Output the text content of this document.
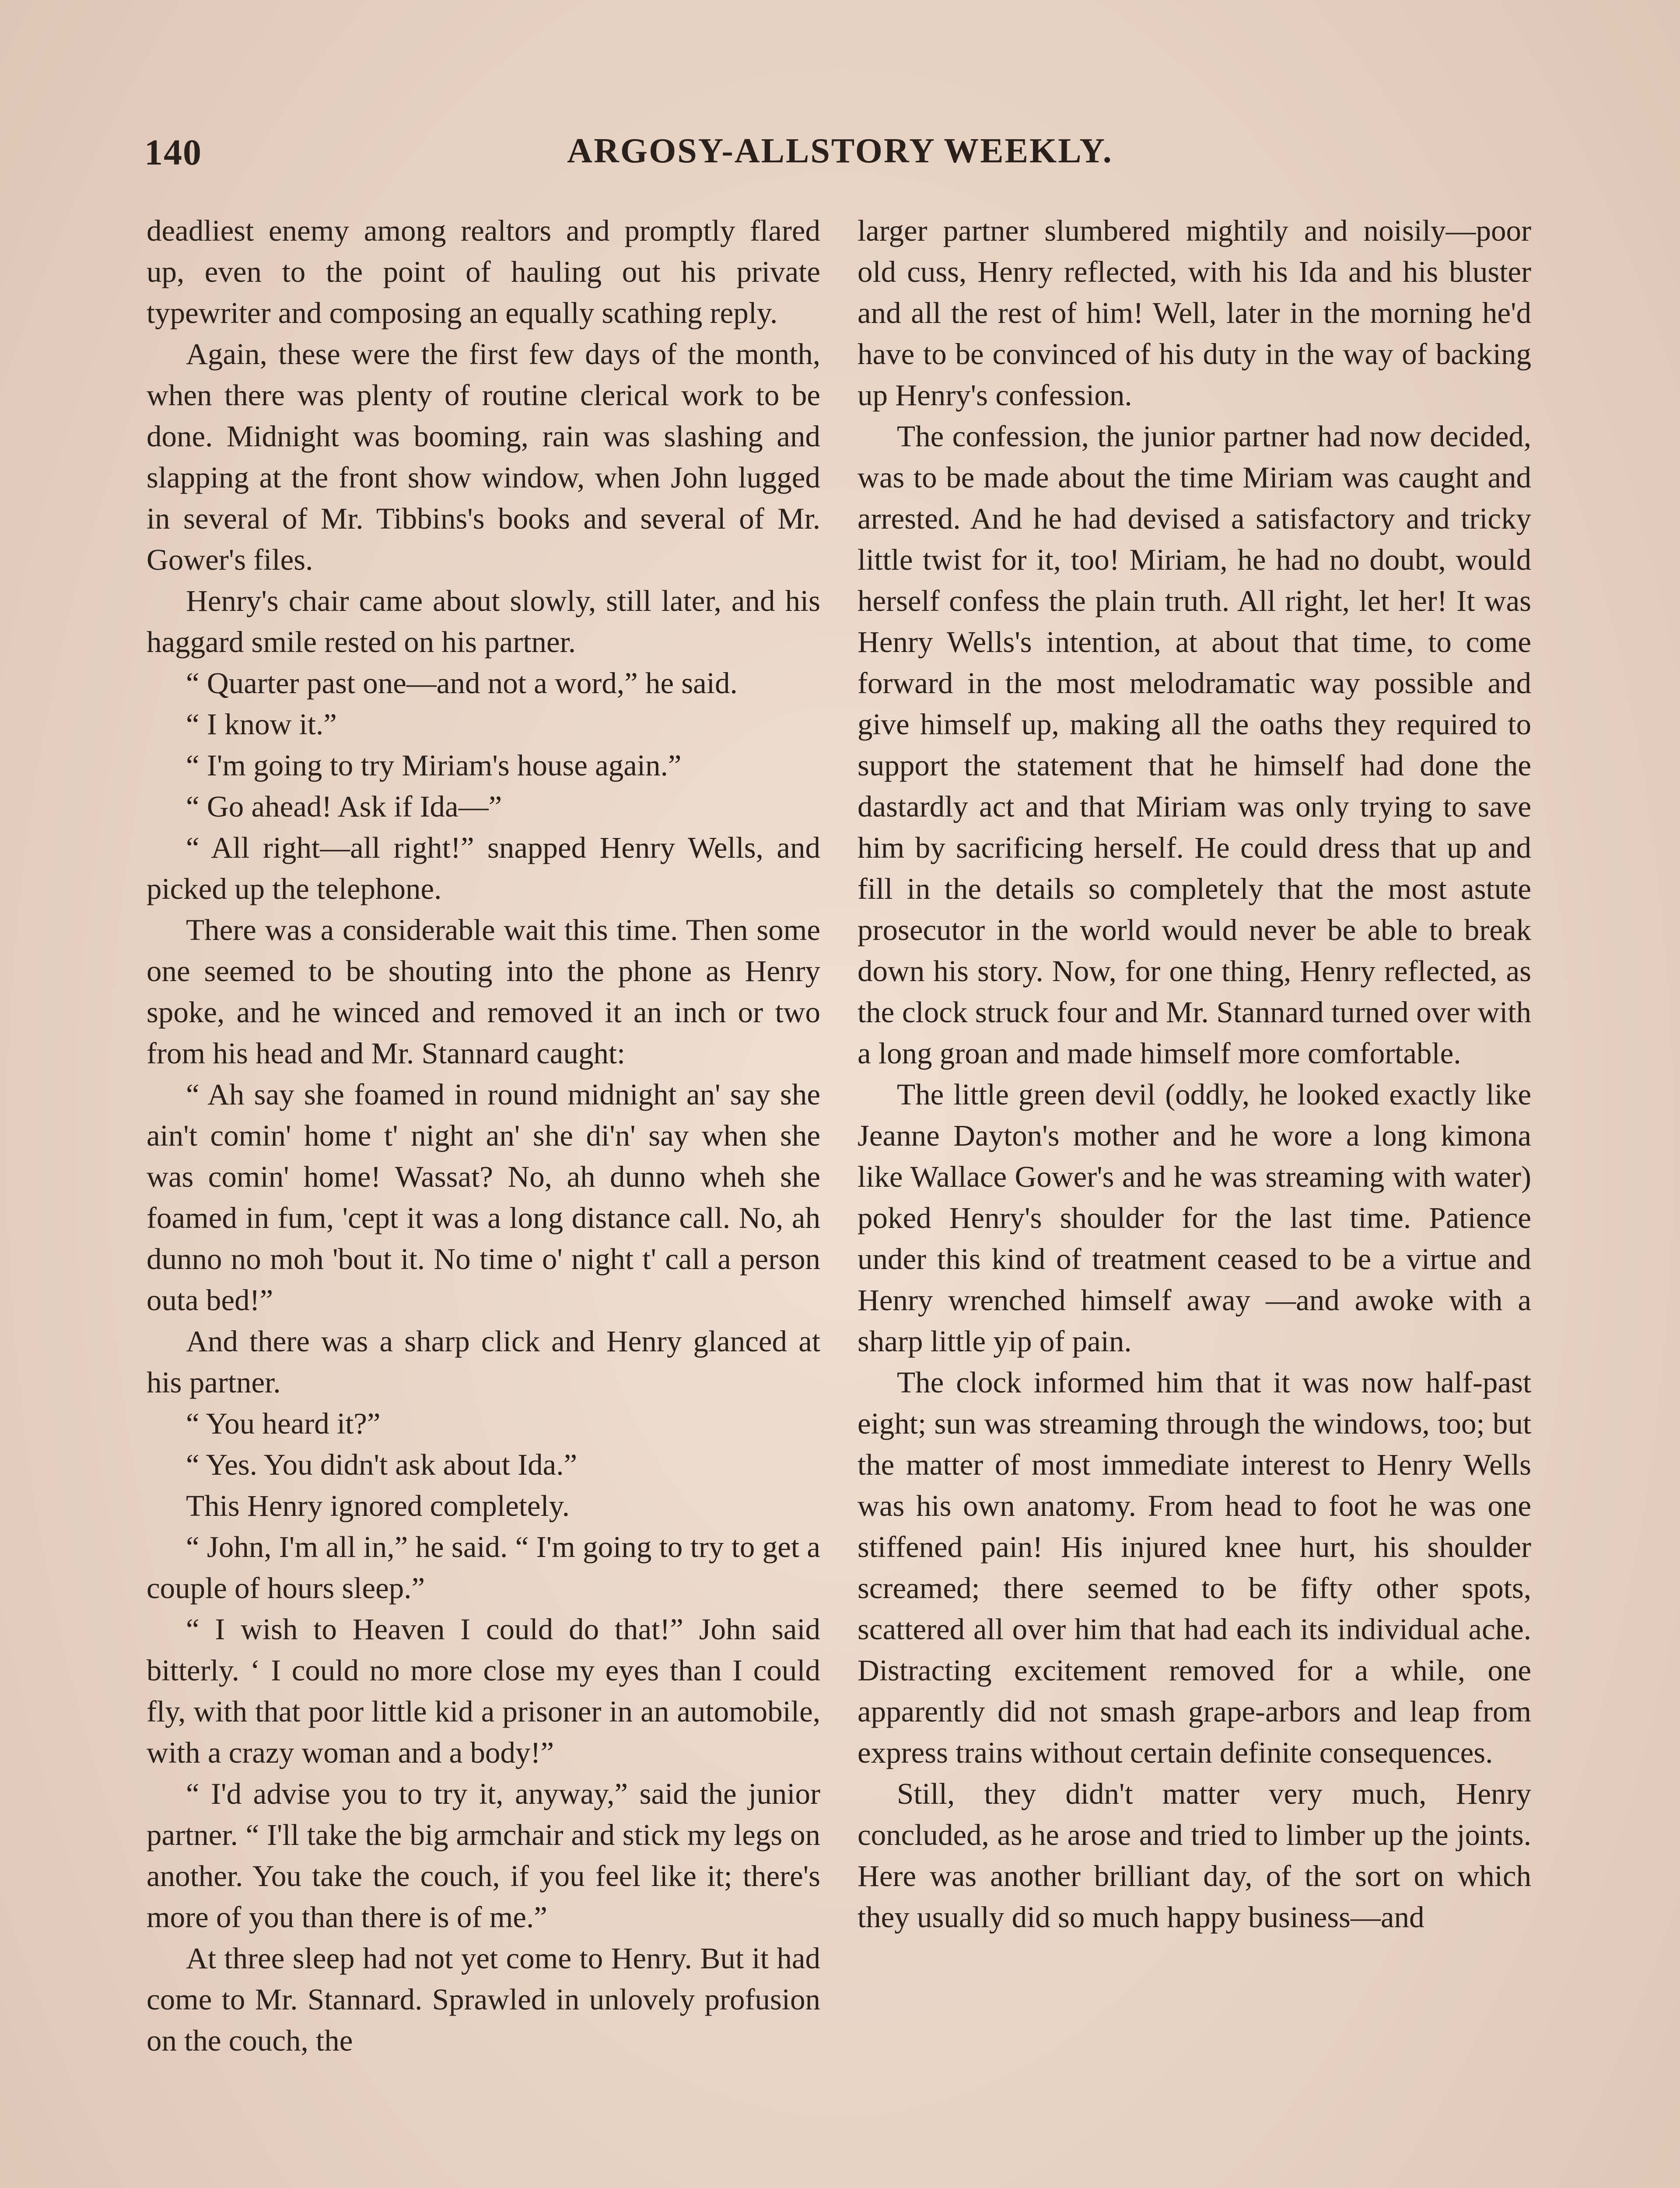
140	ARGOSY-ALLSTORY WEEKLY.

deadliest enemy among realtors and promptly flared up, even to the point of hauling out his private typewriter and composing an equally scathing reply.

Again, these were the first few days of the month, when there was plenty of routine clerical work to be done. Midnight was booming, rain was slashing and slapping at the front show window, when John lugged in several of Mr. Tibbins's books and several of Mr. Gower's files.

Henry's chair came about slowly, still later, and his haggard smile rested on his partner.

“ Quarter past one—and not a word,” he said.

“ I know it.”

“ I'm going to try Miriam's house again.”

“ Go ahead! Ask if Ida—”

“ All right—all right!” snapped Henry Wells, and picked up the telephone.

There was a considerable wait this time. Then some one seemed to be shouting into the phone as Henry spoke, and he winced and removed it an inch or two from his head and Mr. Stannard caught:

“ Ah say she foamed in round midnight an' say she ain't comin' home t' night an' she di'n' say when she was comin' home! Wassat? No, ah dunno wheh she foamed in fum, 'cept it was a long distance call. No, ah dunno no moh 'bout it. No time o' night t' call a person outa bed!”

And there was a sharp click and Henry glanced at his partner.

“ You heard it?”

“ Yes. You didn't ask about Ida.”

This Henry ignored completely.

“ John, I'm all in,” he said. “ I'm going to try to get a couple of hours sleep.”

“ I wish to Heaven I could do that!” John said bitterly. ‘ I could no more close my eyes than I could fly, with that poor little kid a prisoner in an automobile, with a crazy woman and a body!”

“ I'd advise you to try it, anyway,” said the junior partner. “ I'll take the big armchair and stick my legs on another. You take the couch, if you feel like it; there's more of you than there is of me.”

At three sleep had not yet come to Henry. But it had come to Mr. Stannard. Sprawled in unlovely profusion on the couch, the

larger partner slumbered mightily and noisily—poor old cuss, Henry reflected, with his Ida and his bluster and all the rest of him! Well, later in the morning he'd have to be convinced of his duty in the way of backing up Henry's confession.

The confession, the junior partner had now decided, was to be made about the time Miriam was caught and arrested. And he had devised a satisfactory and tricky little twist for it, too! Miriam, he had no doubt, would herself confess the plain truth. All right, let her! It was Henry Wells's intention, at about that time, to come forward in the most melodramatic way possible and give himself up, making all the oaths they required to support the statement that he himself had done the dastardly act and that Miriam was only trying to save him by sacrificing herself. He could dress that up and fill in the details so completely that the most astute prosecutor in the world would never be able to break down his story. Now, for one thing, Henry reflected, as the clock struck four and Mr. Stannard turned over with a long groan and made himself more comfortable.

The little green devil (oddly, he looked exactly like Jeanne Dayton's mother and he wore a long kimona like Wallace Gower's and he was streaming with water) poked Henry's shoulder for the last time. Patience under this kind of treatment ceased to be a virtue and Henry wrenched himself away —and awoke with a sharp little yip of pain.

The clock informed him that it was now half-past eight; sun was streaming through the windows, too; but the matter of most immediate interest to Henry Wells was his own anatomy. From head to foot he was one stiffened pain! His injured knee hurt, his shoulder screamed; there seemed to be fifty other spots, scattered all over him that had each its individual ache. Distracting excitement removed for a while, one apparently did not smash grape-arbors and leap from express trains without certain definite consequences.

Still, they didn't matter very much, Henry concluded, as he arose and tried to limber up the joints. Here was another brilliant day, of the sort on which they usually did so much happy business—and
